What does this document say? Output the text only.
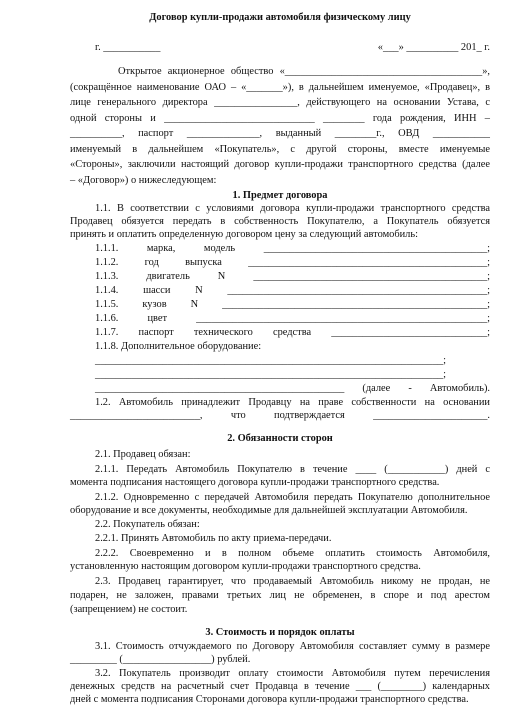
Договор купли-продажи автомобиля физическому лицу
г. ___________	«___» __________ 201_ г.
Открытое акционерное общество «______________________________________»,
(сокращённое наименование ОАО – «_______»), в дальнейшем именуемое, «Продавец», в
лице генерального директора ________________, действующего на основании Устава, с
одной стороны и _____________________________ ________ года рождения, ИНН –
__________, паспорт ______________, выданный ________г., ОВД ___________
именуемый в дальнейшем «Покупатель», с другой стороны, вместе именуемые
«Стороны», заключили настоящий договор купли-продажи транспортного средства (далее
– «Договор») о нижеследующем:
1. Предмет договора
1.1. В соответствии с условиями договора купли-продажи транспортного средства
Продавец обязуется передать в собственность Покупателю, а Покупатель обязуется
принять и оплатить определенную договором цену за следующий автомобиль:
1.1.1. марка, модель ___________________________________________;
1.1.2. год выпуска ______________________________________________;
1.1.3. двигатель N _____________________________________________;
1.1.4. шасси N __________________________________________________;
1.1.5. кузов N ___________________________________________________;
1.1.6. цвет ________________________________________________________;
1.1.7. паспорт технического средства ______________________________;
1.1.8. Дополнительное оборудование:
___________________________________________________________________;
___________________________________________________________________;
________________________________________________ (далее - Автомобиль).
1.2. Автомобиль принадлежит Продавцу на праве собственности на основании
_________________________, что подтверждается ______________________.
2. Обязанности сторон
2.1. Продавец обязан:
2.1.1. Передать Автомобиль Покупателю в течение ____ (___________) дней с
момента подписания настоящего договора купли-продажи транспортного средства.
2.1.2. Одновременно с передачей Автомобиля передать Покупателю дополнительное
оборудование и все документы, необходимые для дальнейшей эксплуатации Автомобиля.
2.2. Покупатель обязан:
2.2.1. Принять Автомобиль по акту приема-передачи.
2.2.2. Своевременно и в полном объеме оплатить стоимость Автомобиля,
установленную настоящим договором купли-продажи транспортного средства.
2.3. Продавец гарантирует, что продаваемый Автомобиль никому не продан, не
подарен, не заложен, правами третьих лиц не обременен, в споре и под арестом
(запрещением) не состоит.
3. Стоимость и порядок оплаты
3.1. Стоимость отчуждаемого по Договору Автомобиля составляет сумму в размере
_________ (_________________) рублей.
3.2. Покупатель производит оплату стоимости Автомобиля путем перечисления
денежных средств на расчетный счет Продавца в течение ___ (________) календарных
дней с момента подписания Сторонами договора купли-продажи транспортного средства.
